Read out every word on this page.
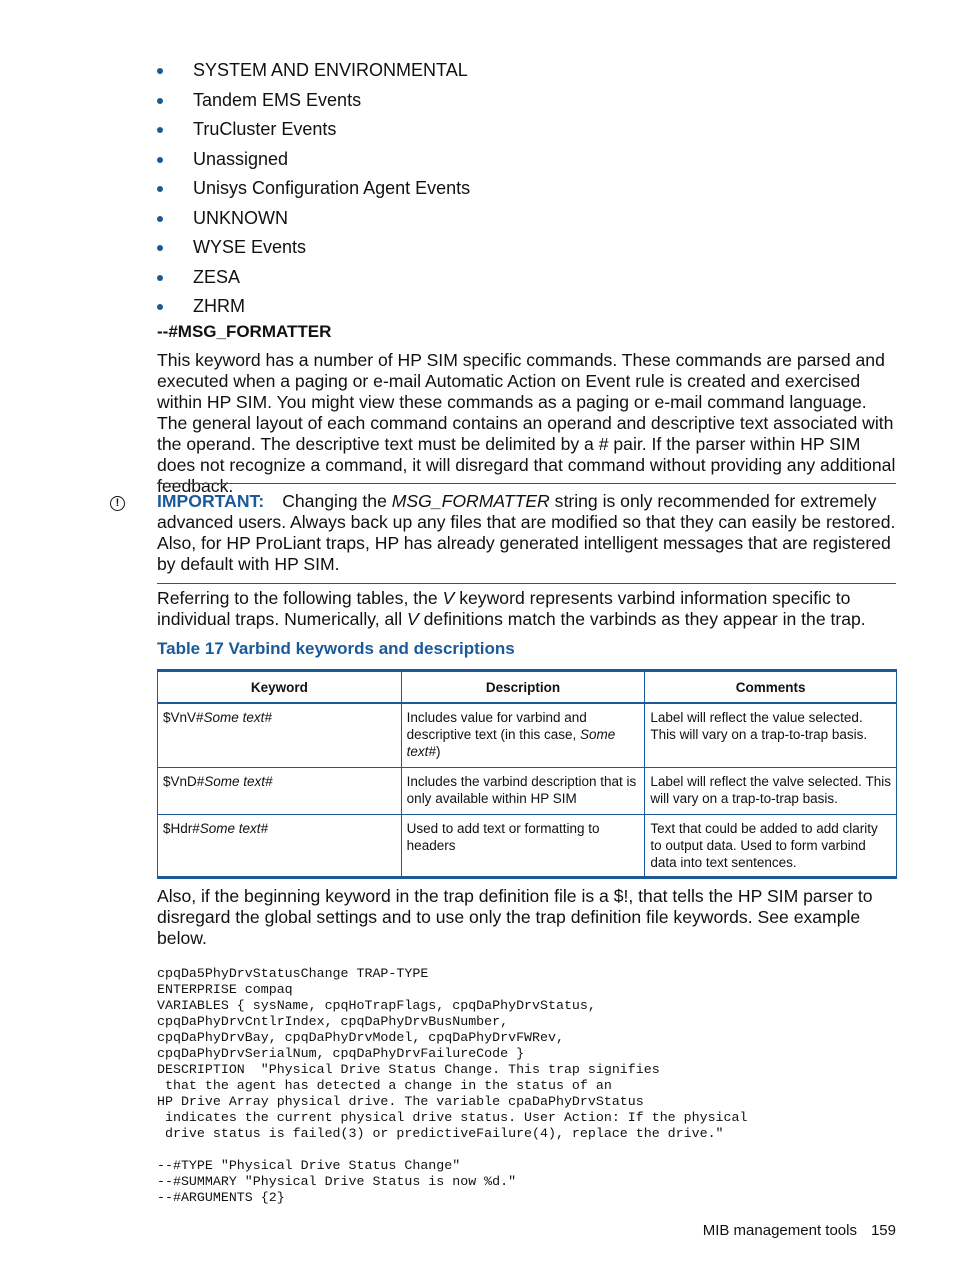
SYSTEM AND ENVIRONMENTAL
Tandem EMS Events
TruCluster Events
Unassigned
Unisys Configuration Agent Events
UNKNOWN
WYSE Events
ZESA
ZHRM
--#MSG_FORMATTER

This keyword has a number of HP SIM specific commands. These commands are parsed and executed when a paging or e-mail Automatic Action on Event rule is created and exercised within HP SIM. You might view these commands as a paging or e-mail command language. The general layout of each command contains an operand and descriptive text associated with the operand. The descriptive text must be delimited by a # pair. If the parser within HP SIM does not recognize a command, it will disregard that command without providing any additional feedback.

!	IMPORTANT: Changing the MSG_FORMATTER string is only recommended for extremely advanced users. Always back up any files that are modified so that they can easily be restored. Also, for HP ProLiant traps, HP has already generated intelligent messages that are registered by default with HP SIM.

Referring to the following tables, the V keyword represents varbind information specific to individual traps. Numerically, all V definitions match the varbinds as they appear in the trap.

Table 17 Varbind keywords and descriptions
Keyword	Description	Comments
$VnV#Some text#	Includes value for varbind and descriptive text (in this case, Some text#)	Label will reflect the value selected. This will vary on a trap-to-trap basis.
$VnD#Some text#	Includes the varbind description that is only available within HP SIM	Label will reflect the valve selected. This will vary on a trap-to-trap basis.
$Hdr#Some text#	Used to add text or formatting to headers	Text that could be added to add clarity to output data. Used to form varbind data into text sentences.

Also, if the beginning keyword in the trap definition file is a $!, that tells the HP SIM parser to disregard the global settings and to use only the trap definition file keywords. See example below.

cpqDa5PhyDrvStatusChange TRAP-TYPE
ENTERPRISE compaq
VARIABLES { sysName, cpqHoTrapFlags, cpqDaPhyDrvStatus,
cpqDaPhyDrvCntlrIndex, cpqDaPhyDrvBusNumber,
cpqDaPhyDrvBay, cpqDaPhyDrvModel, cpqDaPhyDrvFWRev,
cpqDaPhyDrvSerialNum, cpqDaPhyDrvFailureCode }
DESCRIPTION  "Physical Drive Status Change. This trap signifies
that the agent has detected a change in the status of an
HP Drive Array physical drive. The variable cpaDaPhyDrvStatus
indicates the current physical drive status. User Action: If the physical
drive status is failed(3) or predictiveFailure(4), replace the drive."

--#TYPE "Physical Drive Status Change"
--#SUMMARY "Physical Drive Status is now %d."
--#ARGUMENTS {2}
MIB management tools 159
